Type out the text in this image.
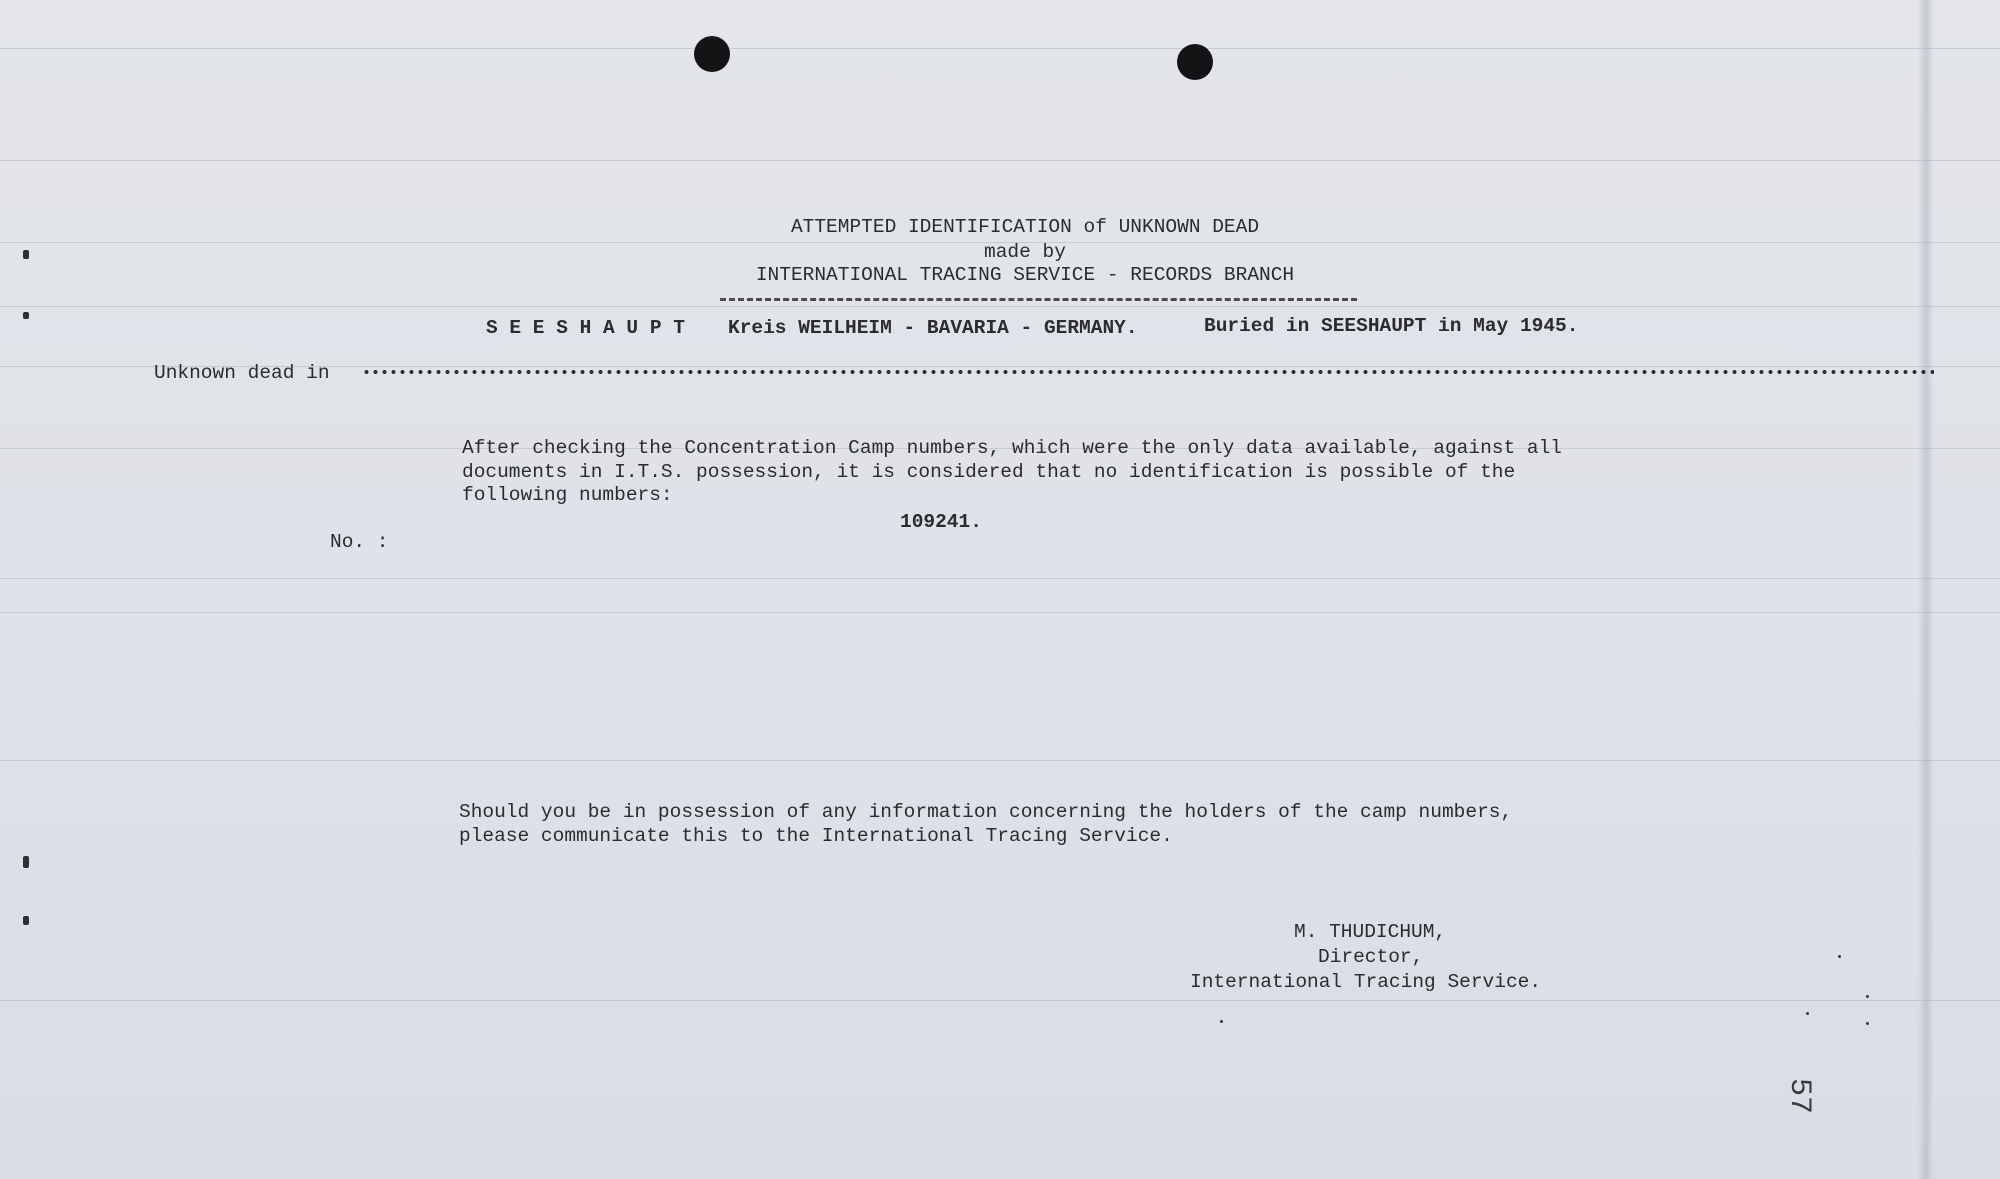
ATTEMPTED IDENTIFICATION of UNKNOWN DEAD
made by
INTERNATIONAL TRACING SERVICE - RECORDS BRANCH
S E E S H A U P T Kreis WEILHEIM - BAVARIA - GERMANY.	Buried in SEESHAUPT in May 1945.
Unknown dead in
After checking the Concentration Camp numbers, which were the only data available, against all
documents in I.T.S. possession, it is considered that no identification is possible of the
following numbers:
No. :
109241.
Should you be in possession of any information concerning the holders of the camp numbers,
please communicate this to the International Tracing Service.
M. THUDICHUM,
Director,
International Tracing Service.
57
